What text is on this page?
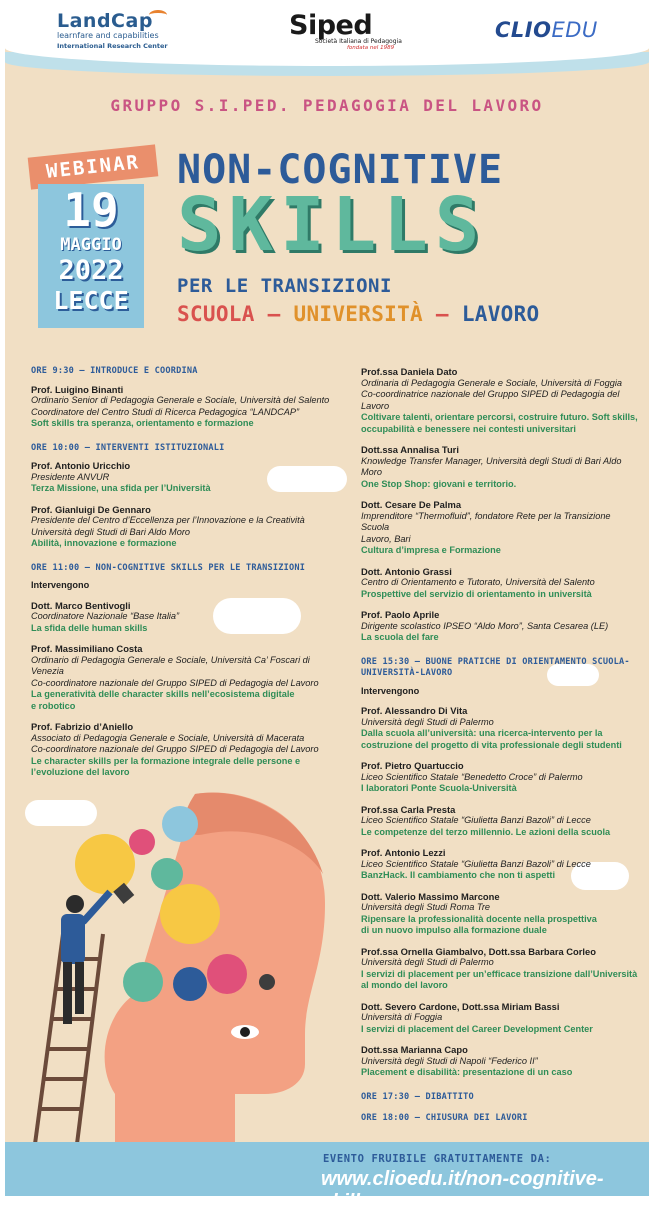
LandCap
learnfare and capabilities
International Research Center
Siped
Società Italiana di Pedagogia
fondata nel 1989
CLIOEDU
GRUPPO S.I.PED. PEDAGOGIA DEL LAVORO
WEBINAR
19
MAGGIO
2022
LECCE
NON-COGNITIVE
SKILLS
PER LE TRANSIZIONI
SCUOLA – UNIVERSITÀ – LAVORO
ORE 9:30 – INTRODUCE E COORDINA
Prof. Luigino Binanti
Ordinario Senior di Pedagogia Generale e Sociale, Università del Salento
Coordinatore del Centro Studi di Ricerca Pedagogica “LANDCAP”
Soft skills tra speranza, orientamento e formazione
ORE 10:00 – INTERVENTI ISTITUZIONALI
Prof. Antonio Uricchio
Presidente ANVUR
Terza Missione, una sfida per l’Università
Prof. Gianluigi De Gennaro
Presidente del Centro d’Eccellenza per l’Innovazione e la Creatività
Università degli Studi di Bari Aldo Moro
Abilità, innovazione e formazione
ORE 11:00 – NON-COGNITIVE SKILLS PER LE TRANSIZIONI
Intervengono
Dott. Marco Bentivogli
Coordinatore Nazionale “Base Italia”
La sfida delle human skills
Prof. Massimiliano Costa
Ordinario di Pedagogia Generale e Sociale, Università Ca’ Foscari di Venezia
Co-coordinatore nazionale del Gruppo SIPED di Pedagogia del Lavoro
La generatività delle character skills nell’ecosistema digitale
e robotico
Prof. Fabrizio d’Aniello
Associato di Pedagogia Generale e Sociale, Università di Macerata
Co-coordinatore nazionale del Gruppo SIPED di Pedagogia del Lavoro
Le character skills per la formazione integrale delle persone e
l’evoluzione del lavoro
Prof.ssa Daniela Dato
Ordinaria di Pedagogia Generale e Sociale, Università di Foggia
Co-coordinatrice nazionale del Gruppo SIPED di Pedagogia del Lavoro
Coltivare talenti, orientare percorsi, costruire futuro. Soft skills,
occupabilità e benessere nei contesti universitari
Dott.ssa Annalisa Turi
Knowledge Transfer Manager, Università degli Studi di Bari Aldo Moro
One Stop Shop: giovani e territorio.
Dott. Cesare De Palma
Imprenditore “Thermofluid”, fondatore Rete per la Transizione Scuola
Lavoro, Bari
Cultura d’impresa e Formazione
Dott. Antonio Grassi
Centro di Orientamento e Tutorato, Università del Salento
Prospettive del servizio di orientamento in università
Prof. Paolo Aprile
Dirigente scolastico IPSEO “Aldo Moro”, Santa Cesarea (LE)
La scuola del fare
ORE 15:30 – BUONE PRATICHE DI ORIENTAMENTO SCUOLA-UNIVERSITÀ-LAVORO
Intervengono
Prof. Alessandro Di Vita
Università degli Studi di Palermo
Dalla scuola all’università: una ricerca-intervento per la
costruzione del progetto di vita professionale degli studenti
Prof. Pietro Quartuccio
Liceo Scientifico Statale “Benedetto Croce” di Palermo
I laboratori Ponte Scuola-Università
Prof.ssa Carla Presta
Liceo Scientifico Statale “Giulietta Banzi Bazoli” di Lecce
Le competenze del terzo millennio. Le azioni della scuola
Prof. Antonio Lezzi
Liceo Scientifico Statale “Giulietta Banzi Bazoli” di Lecce
BanzHack. Il cambiamento che non ti aspetti
Dott. Valerio Massimo Marcone
Università degli Studi Roma Tre
Ripensare la professionalità docente nella prospettiva
di un nuovo impulso alla formazione duale
Prof.ssa Ornella Giambalvo, Dott.ssa Barbara Corleo
Università degli Studi di Palermo
I servizi di placement per un’efficace transizione dall’Università
al mondo del lavoro
Dott. Severo Cardone, Dott.ssa Miriam Bassi
Università di Foggia
I servizi di placement del Career Development Center
Dott.ssa Marianna Capo
Università degli Studi di Napoli “Federico II”
Placement e disabilità: presentazione di un caso
ORE 17:30 – DIBATTITO
ORE 18:00 – CHIUSURA DEI LAVORI
EVENTO FRUIBILE GRATUITAMENTE DA:
www.clioedu.it/non-cognitive-skills
